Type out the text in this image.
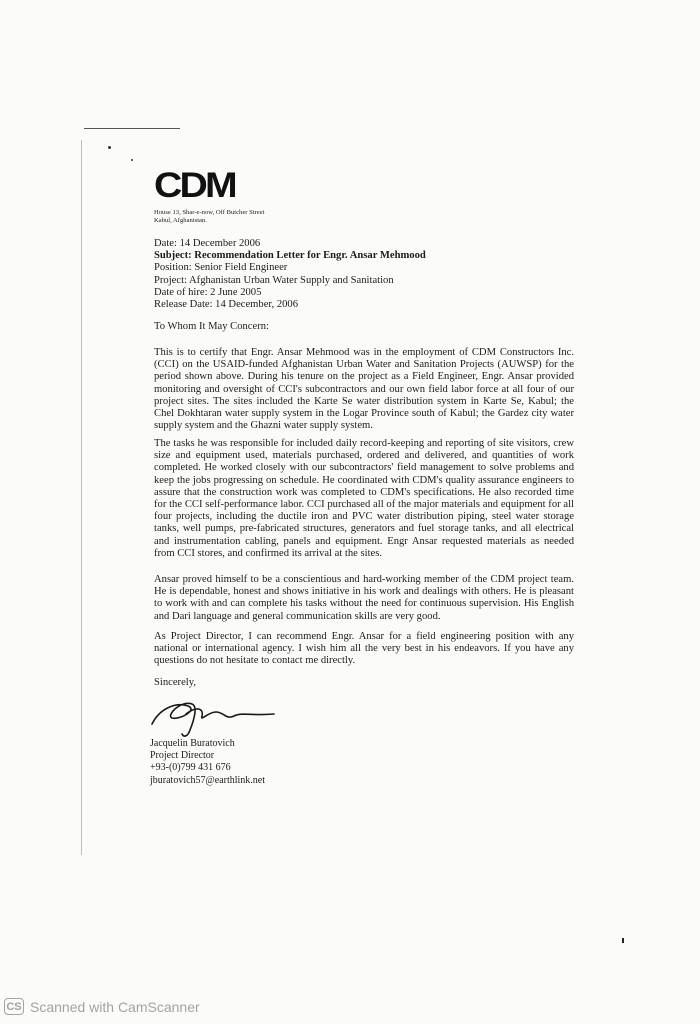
CDM
House 13, Shar-e-now, Off Butcher Street
Kabul, Afghanistan.
Date: 14 December 2006
Subject: Recommendation Letter for Engr. Ansar Mehmood
Position: Senior Field Engineer
Project: Afghanistan Urban Water Supply and Sanitation
Date of hire: 2 June 2005
Release Date: 14 December, 2006
To Whom It May Concern:
This is to certify that Engr. Ansar Mehmood was in the employment of CDM Constructors Inc. (CCI) on the USAID-funded Afghanistan Urban Water and Sanitation Projects (AUWSP) for the period shown above. During his tenure on the project as a Field Engineer, Engr. Ansar provided monitoring and oversight of CCI's subcontractors and our own field labor force at all four of our project sites. The sites included the Karte Se water distribution system in Karte Se, Kabul; the Chel Dokhtaran water supply system in the Logar Province south of Kabul; the Gardez city water supply system and the Ghazni water supply system.
The tasks he was responsible for included daily record-keeping and reporting of site visitors, crew size and equipment used, materials purchased, ordered and delivered, and quantities of work completed. He worked closely with our subcontractors' field management to solve problems and keep the jobs progressing on schedule. He coordinated with CDM's quality assurance engineers to assure that the construction work was completed to CDM's specifications. He also recorded time for the CCI self-performance labor. CCI purchased all of the major materials and equipment for all four projects, including the ductile iron and PVC water distribution piping, steel water storage tanks, well pumps, pre-fabricated structures, generators and fuel storage tanks, and all electrical and instrumentation cabling, panels and equipment. Engr Ansar requested materials as needed from CCI stores, and confirmed its arrival at the sites.
Ansar proved himself to be a conscientious and hard-working member of the CDM project team. He is dependable, honest and shows initiative in his work and dealings with others. He is pleasant to work with and can complete his tasks without the need for continuous supervision. His English and Dari language and general communication skills are very good.
As Project Director, I can recommend Engr. Ansar for a field engineering position with any national or international agency. I wish him all the very best in his endeavors. If you have any questions do not hesitate to contact me directly.
Sincerely,
Jacquelin Buratovich
Project Director
+93-(0)799 431 676
jburatovich57@earthlink.net
CS Scanned with CamScanner
